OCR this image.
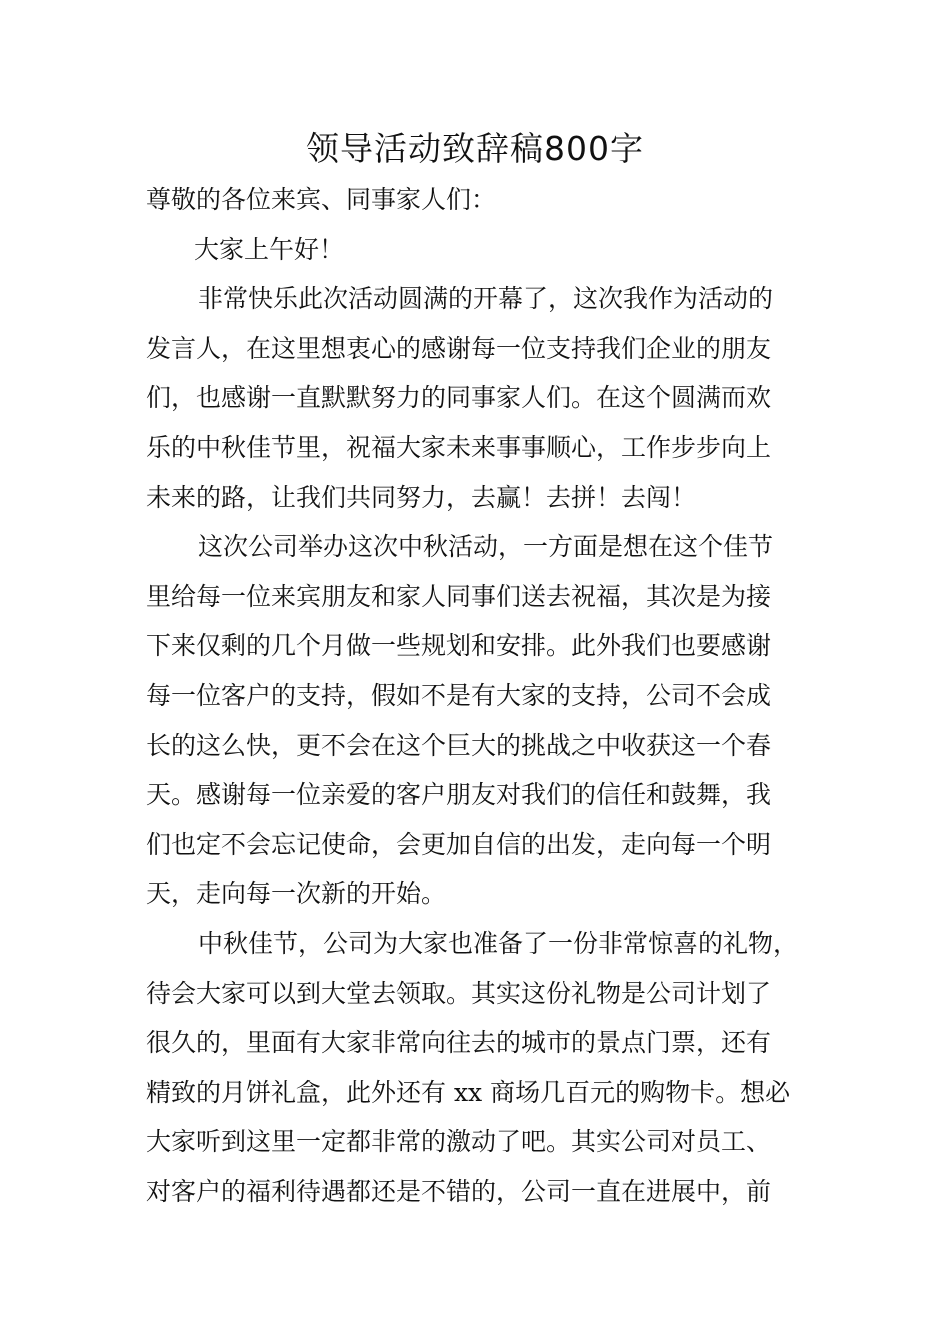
领导活动致辞稿800字
尊敬的各位来宾、同事家人们：
大家上午好！
非常快乐此次活动圆满的开幕了，这次我作为活动的
发言人，在这里想衷心的感谢每一位支持我们企业的朋友
们，也感谢一直默默努力的同事家人们。在这个圆满而欢
乐的中秋佳节里，祝福大家未来事事顺心，工作步步向上
未来的路，让我们共同努力，去赢！去拼！去闯！
这次公司举办这次中秋活动，一方面是想在这个佳节
里给每一位来宾朋友和家人同事们送去祝福，其次是为接
下来仅剩的几个月做一些规划和安排。此外我们也要感谢
每一位客户的支持，假如不是有大家的支持，公司不会成
长的这么快，更不会在这个巨大的挑战之中收获这一个春
天。感谢每一位亲爱的客户朋友对我们的信任和鼓舞，我
们也定不会忘记使命，会更加自信的出发，走向每一个明
天，走向每一次新的开始。
中秋佳节，公司为大家也准备了一份非常惊喜的礼物，
待会大家可以到大堂去领取。其实这份礼物是公司计划了
很久的，里面有大家非常向往去的城市的景点门票，还有
精致的月饼礼盒，此外还有 xx 商场几百元的购物卡。想必
大家听到这里一定都非常的激动了吧。其实公司对员工、
对客户的福利待遇都还是不错的，公司一直在进展中，前
